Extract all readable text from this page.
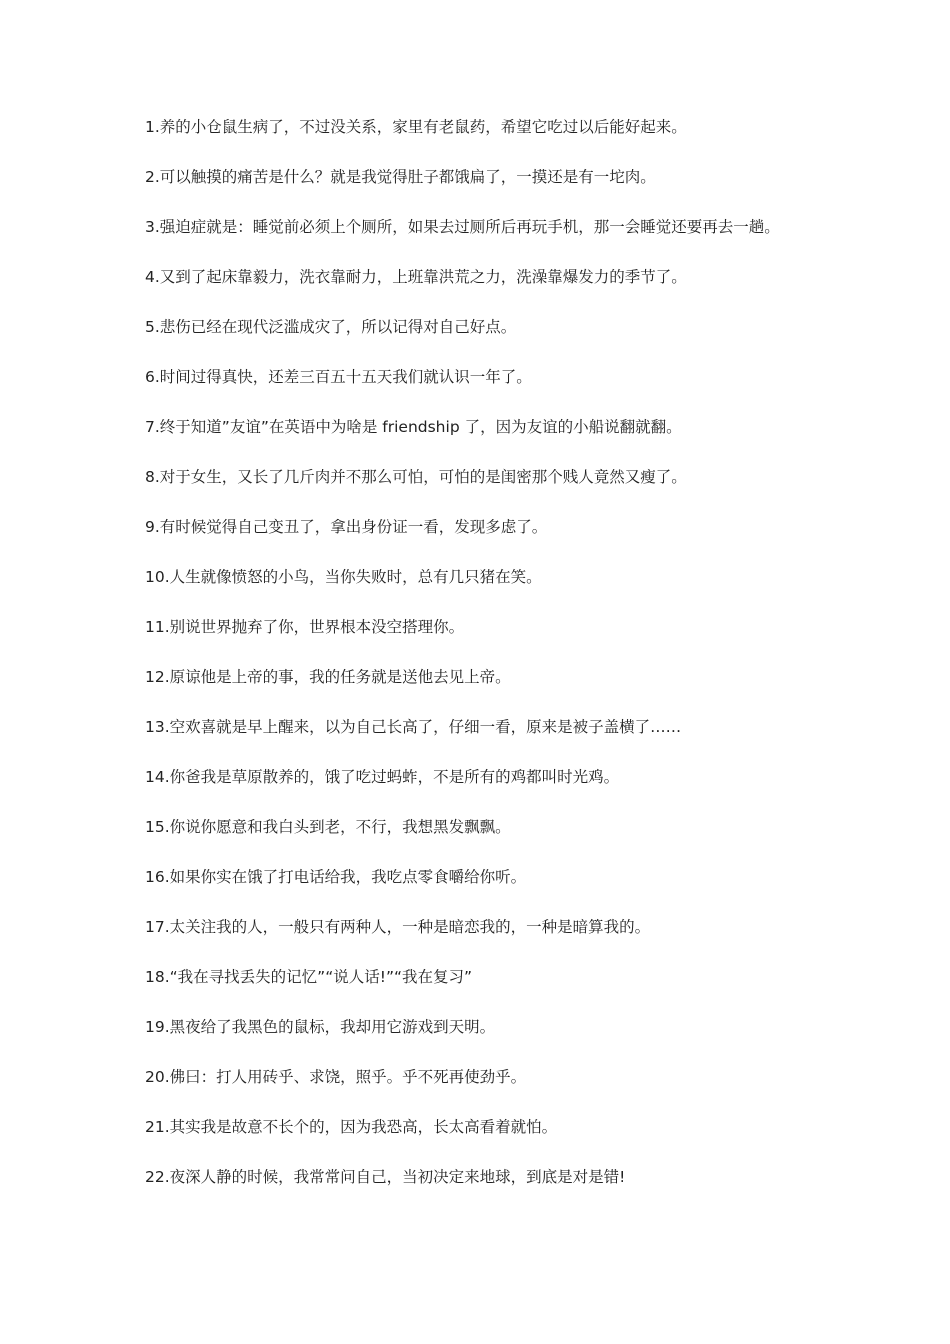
1.养的小仓鼠生病了，不过没关系，家里有老鼠药，希望它吃过以后能好起来。

2.可以触摸的痛苦是什么？就是我觉得肚子都饿扁了，一摸还是有一坨肉。

3.强迫症就是：睡觉前必须上个厕所，如果去过厕所后再玩手机，那一会睡觉还要再去一趟。

4.又到了起床靠毅力，洗衣靠耐力，上班靠洪荒之力，洗澡靠爆发力的季节了。

5.悲伤已经在现代泛滥成灾了，所以记得对自己好点。

6.时间过得真快，还差三百五十五天我们就认识一年了。

7.终于知道”友谊”在英语中为啥是 friendship 了，因为友谊的小船说翻就翻。

8.对于女生，又长了几斤肉并不那么可怕，可怕的是闺密那个贱人竟然又瘦了。

9.有时候觉得自己变丑了，拿出身份证一看，发现多虑了。

10.人生就像愤怒的小鸟，当你失败时，总有几只猪在笑。

11.别说世界抛弃了你，世界根本没空搭理你。

12.原谅他是上帝的事，我的任务就是送他去见上帝。

13.空欢喜就是早上醒来，以为自己长高了，仔细一看，原来是被子盖横了……

14.你爸我是草原散养的，饿了吃过蚂蚱，不是所有的鸡都叫时光鸡。

15.你说你愿意和我白头到老，不行，我想黑发飘飘。

16.如果你实在饿了打电话给我，我吃点零食嚼给你听。

17.太关注我的人，一般只有两种人，一种是暗恋我的，一种是暗算我的。

18.“我在寻找丢失的记忆”“说人话!”“我在复习”

19.黑夜给了我黑色的鼠标，我却用它游戏到天明。

20.佛曰：打人用砖乎、求饶，照乎。乎不死再使劲乎。

21.其实我是故意不长个的，因为我恐高，长太高看着就怕。

22.夜深人静的时候，我常常问自己，当初决定来地球，到底是对是错!
